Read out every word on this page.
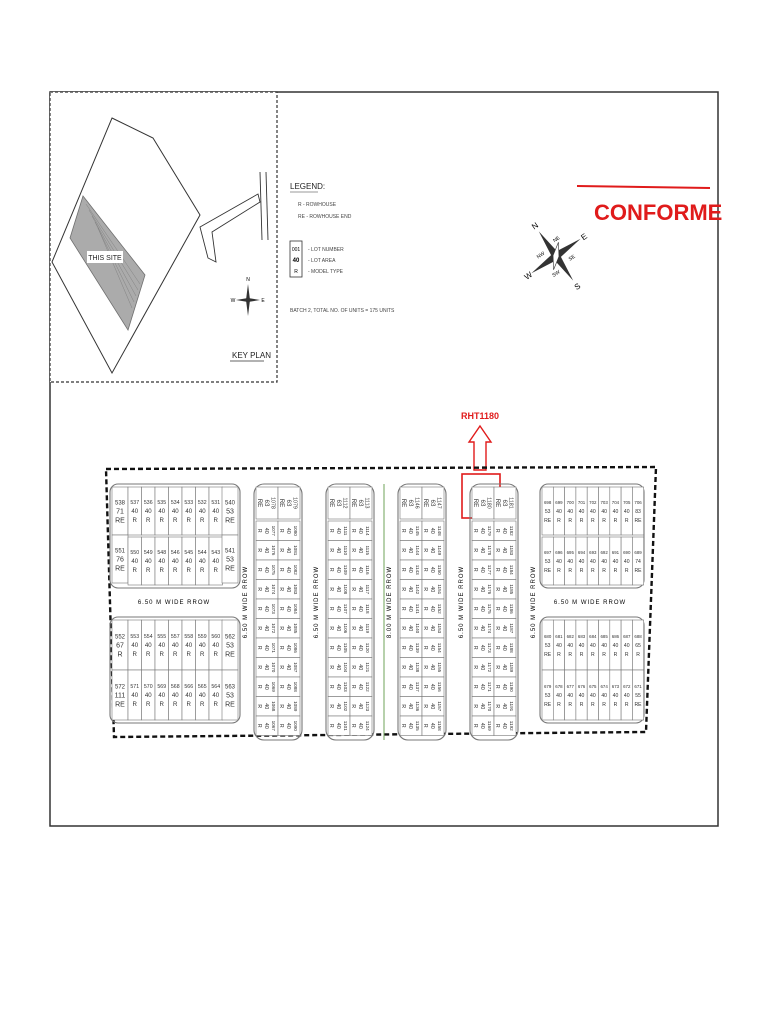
THIS SITE
N
W	E
KEY PLAN
LEGEND:
R - ROWHOUSE
RE - ROWHOUSE END
001
40
R
- LOT NUMBER
- LOT AREA
- MODEL TYPE
BATCH 2, TOTAL NO. OF UNITS = 175 UNITS
CONFORME
N
S
E
W
NE
SW
NW	SE
RHT1180
6.50 M WIDE RROW	6.50 M WIDE RROW
6.50 M WIDE RROW	6.50 M WIDE RROW	8.00 M WIDE RROW	6.50 M WIDE RROW	6.50 M WIDE RROW
538
71
RE
551
76
RE
537
40
R
536
40
R
535
40
R
534
40
R
533
40
R
532
40
R
531
40
R
550
40
R
549
40
R
548
40
R
546
40
R
545
40
R
544
40
R
543
40
R
540
53
RE
541
53
RE
552
67
R
572
111
RE
553
40
R
554
40
R
555
40
R
557
40
R
558
40
R
559
40
R
560
40
R
571
40
R
570
40
R
569
40
R
568
40
R
566
40
R
565
40
R
564
40
R
562
53
RE
563
53
RE
698
53
RE
699
40
R
700
40
R
701
40
R
702
40
R
703
40
R
704
40
R
705
40
R
706
83
RE
697
53
RE
696
40
R
695
40
R
694
40
R
693
40
R
692
40
R
691
40
R
690
40
R
689
74
RE
680
53
RE
681
40
R
682
40
R
683
40
R
684
40
R
685
40
R
686
40
R
687
40
R
688
65
R
679
53
RE
678
40
R
677
40
R
676
40
R
675
40
R
674
40
R
673
40
R
672
40
R
671
55
RE
1078
63
RE	1079
63
RE
1077
40
R
1076
40
R
1075
40
R
1074
40
R
1073
40
R
1072
40
R
1071
40
R
1070
40
R
1069
40
R
1068
40
R
1067
40
R
1080
40
R
1081
40
R
1082
40
R
1083
40
R
1084
40
R
1085
40
R
1086
40
R
1087
40
R
1088
40
R
1089
40
R
1090
40
R
1112
63
RE	1113
63
RE
1111
40
R
1110
40
R
1109
40
R
1108
40
R
1107
40
R
1106
40
R
1105
40
R
1104
40
R
1103
40
R
1102
40
R
1101
40
R
1114
40
R
1115
40
R
1116
40
R
1117
40
R
1118
40
R
1119
40
R
1120
40
R
1121
40
R
1122
40
R
1123
40
R
1124
40
R
1146
63
RE	1147
63
RE
1145
40
R
1144
40
R
1143
40
R
1142
40
R
1141
40
R
1140
40
R
1139
40
R
1138
40
R
1137
40
R
1136
40
R
1135
40
R
1148
40
R
1149
40
R
1150
40
R
1151
40
R
1152
40
R
1153
40
R
1154
40
R
1155
40
R
1156
40
R
1157
40
R
1158
40
R
1180
63
RE	1181
63
RE
1179
40
R
1178
40
R
1177
40
R
1176
40
R
1175
40
R
1174
40
R
1173
40
R
1172
40
R
1171
40
R
1170
40
R
1169
40
R
1182
40
R
1183
40
R
1184
40
R
1185
40
R
1186
40
R
1187
40
R
1188
40
R
1189
40
R
1190
40
R
1191
40
R
1192
40
R
